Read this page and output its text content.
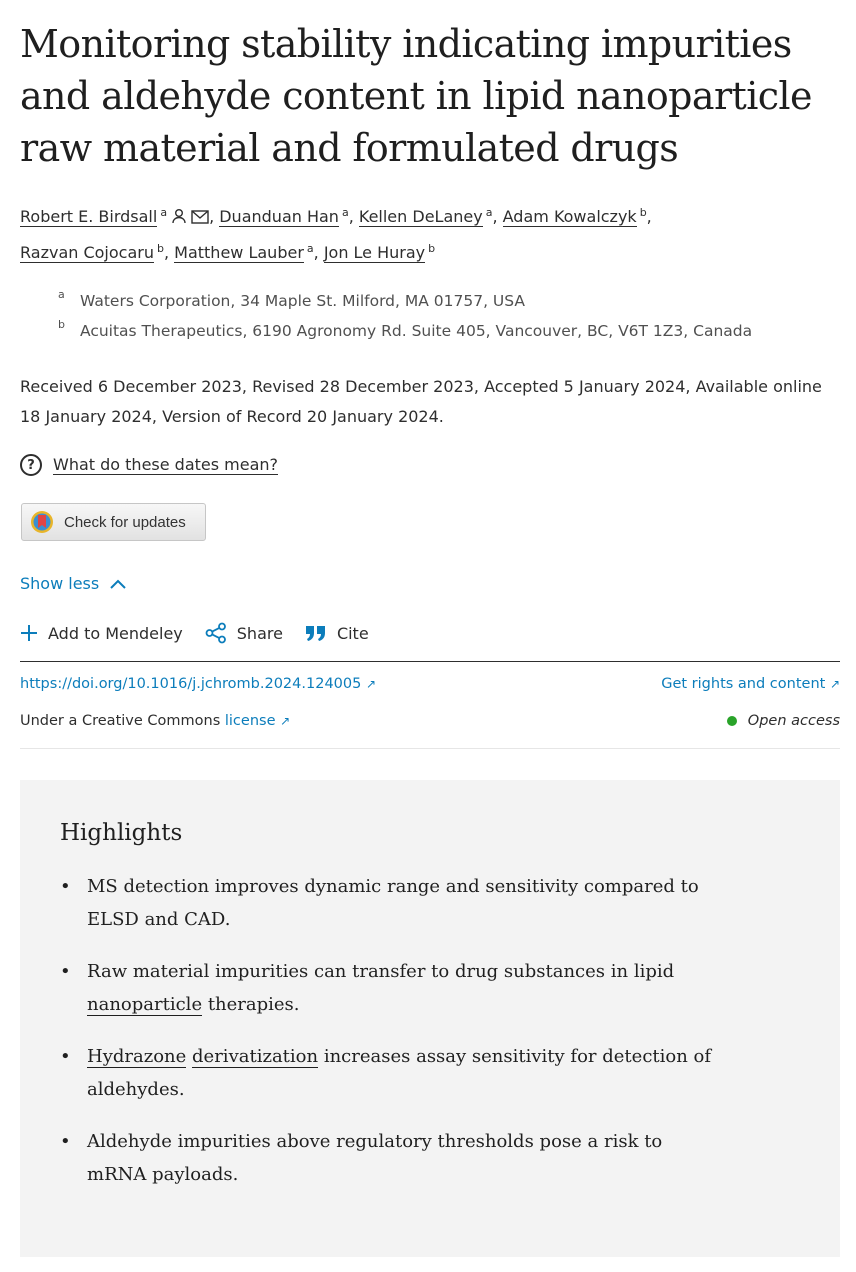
Monitoring stability indicating impurities and aldehyde content in lipid nanoparticle raw material and formulated drugs
Robert E. Birdsall $^a$	, Duanduan Han $^a$, Kellen DeLaney $^a$, Adam Kowalczyk $^b$,
Razvan Cojocaru $^b$, Matthew Lauber $^a$, Jon Le Huray $^b$
a Waters Corporation, 34 Maple St. Milford, MA 01757, USA
b Acuitas Therapeutics, 6190 Agronomy Rd. Suite 405, Vancouver, BC, V6T 1Z3, Canada
Received 6 December 2023, Revised 28 December 2023, Accepted 5 January 2024, Available online 18 January 2024, Version of Record 20 January 2024.
?	What do these dates mean?
Check for updates
Show less
Add to Mendeley	Share	Cite
https://doi.org/10.1016/j.jchromb.2024.124005 ↗	Get rights and content ↗
Under a Creative Commons license ↗	Open access
Highlights
• MS detection improves dynamic range and sensitivity compared to ELSD and CAD.
• Raw material impurities can transfer to drug substances in lipid nanoparticle therapies.
• Hydrazone derivatization increases assay sensitivity for detection of aldehydes.
• Aldehyde impurities above regulatory thresholds pose a risk to mRNA payloads.
